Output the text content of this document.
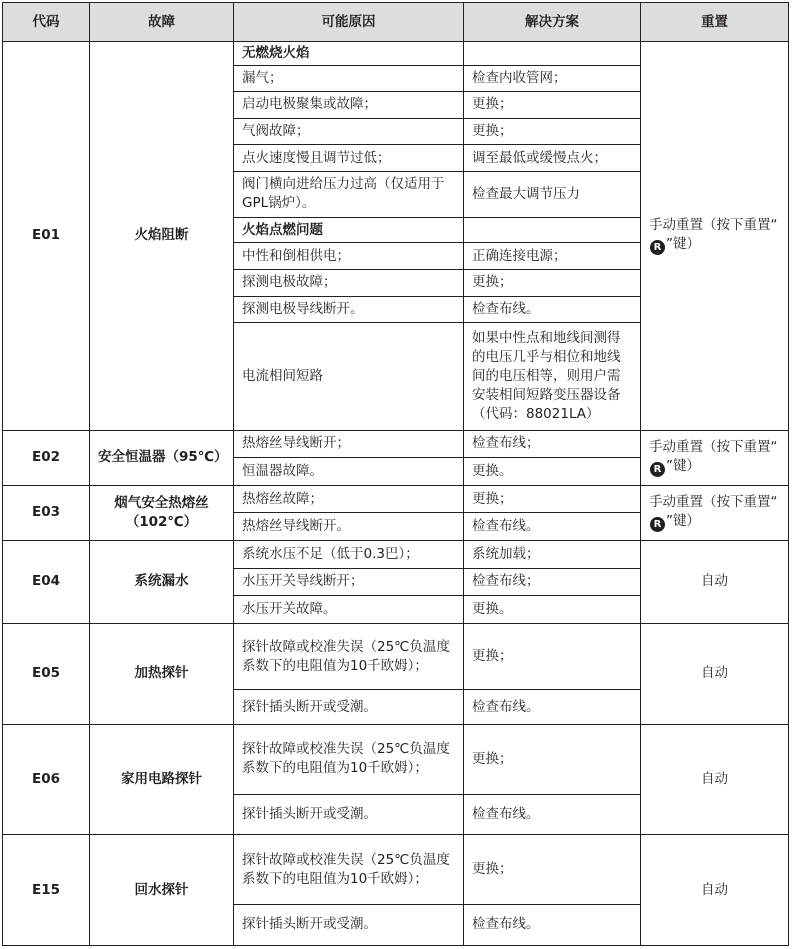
代码	故障	可能原因	解决方案	重置
E01	火焰阻断	无燃烧火焰		手动重置（按下重置“R ”键）
		漏气；	检查内收管网；	
		启动电极聚集或故障；	更换；	
		气阀故障；	更换；	
		点火速度慢且调节过低；	调至最低或缓慢点火；	
		阀门横向进给压力过高（仅适用于GPL锅炉）。	检查最大调节压力	
		火焰点燃问题		
		中性和倒相供电；	正确连接电源；	
		探测电极故障；	更换；	
		探测电极导线断开。	检查布线。	
		电流相间短路	如果中性点和地线间测得的电压几乎与相位和地线间的电压相等，则用户需安装相间短路变压器设备（代码：88021LA）	
E02	安全恒温器（95℃）	热熔丝导线断开；	检查布线；	手动重置（按下重置“R ”键）
		恒温器故障。	更换。	
E03	烟气安全热熔丝（102℃）	热熔丝故障；	更换；	手动重置（按下重置“R ”键）
		热熔丝导线断开。	检查布线。	
E04	系统漏水	系统水压不足（低于0.3巴）；	系统加载；	自动
		水压开关导线断开；	检查布线；	
		水压开关故障。	更换。	
E05	加热探针	探针故障或校准失误（25℃负温度系数下的电阻值为10千欧姆）；	更换；	自动
		探针插头断开或受潮。	检查布线。	
E06	家用电路探针	探针故障或校准失误（25℃负温度系数下的电阻值为10千欧姆）；	更换；	自动
		探针插头断开或受潮。	检查布线。	
E15	回水探针	探针故障或校准失误（25℃负温度系数下的电阻值为10千欧姆）；	更换；	自动
		探针插头断开或受潮。	检查布线。	
